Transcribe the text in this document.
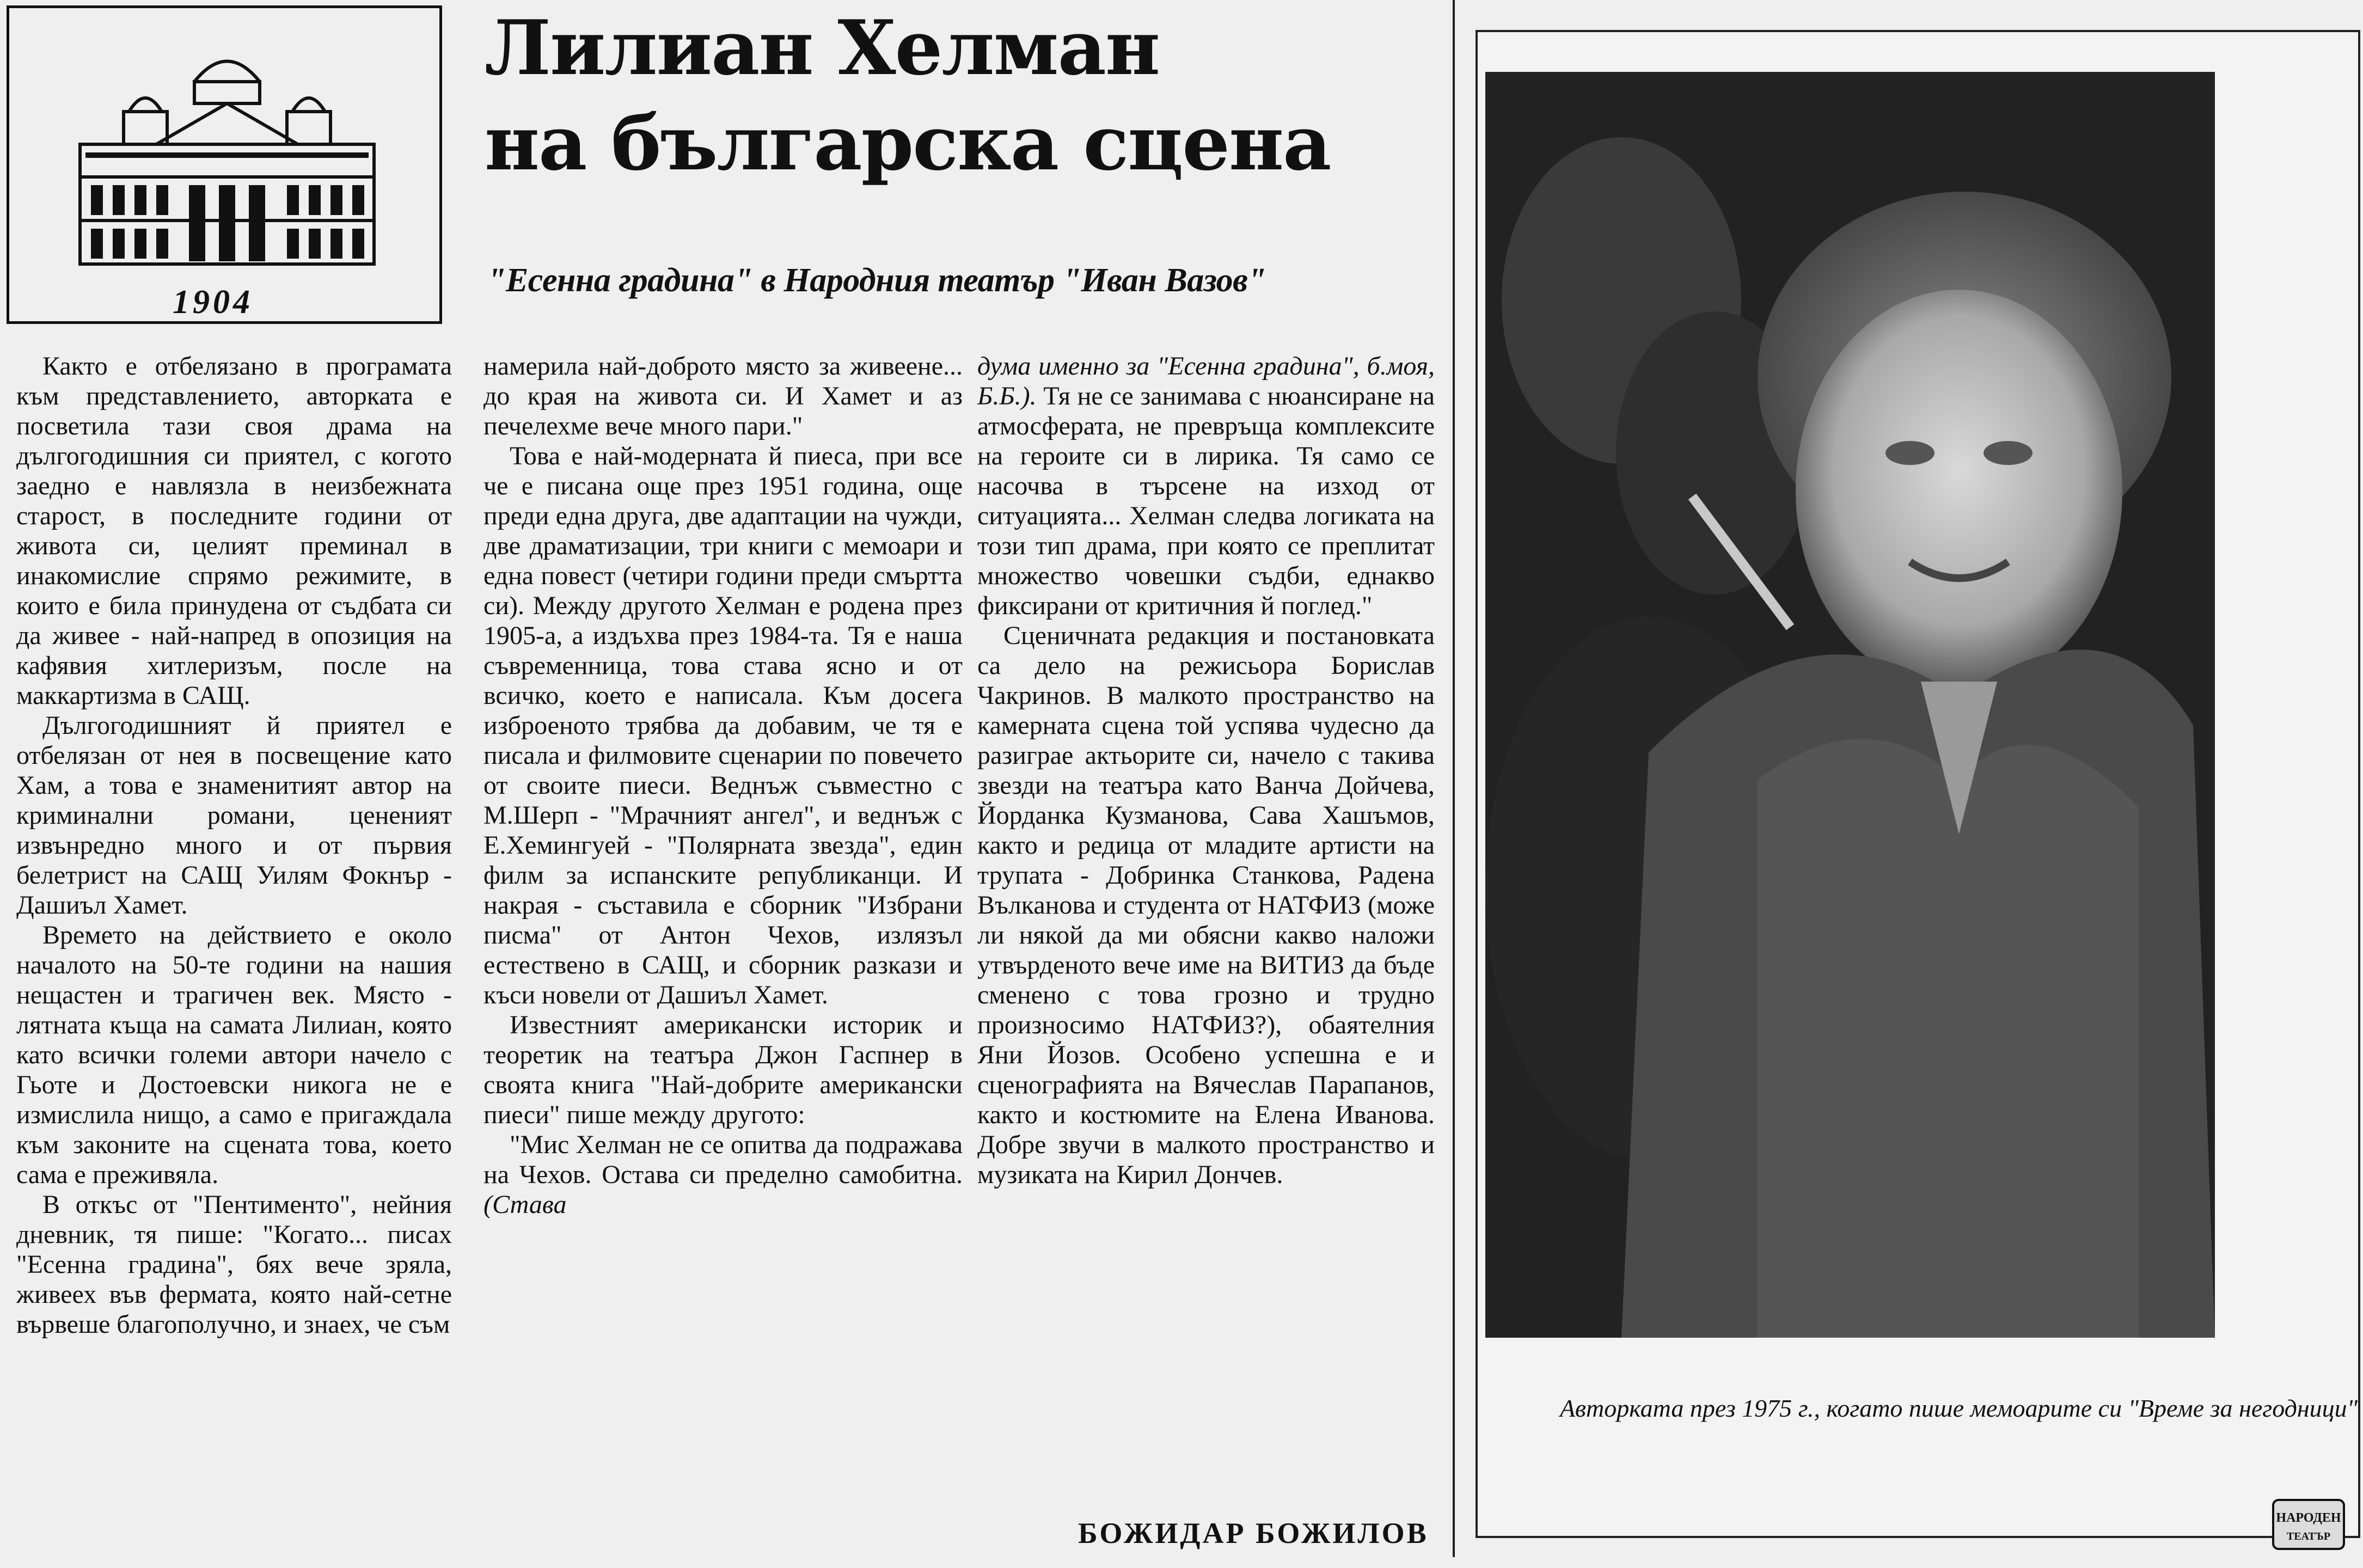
1904
Лилиан Хелман
на българска сцена
"Есенна градина" в Народния театър "Иван Вазов"

Както е отбелязано в програмата към представлението, авторката е посветила тази своя драма на дългогодишния си приятел, с когото заедно е навлязла в неизбежната старост, в последните години от живота си, целият преминал в инакомислие спрямо режимите, в които е била принудена от съдбата си да живее - най-напред в опозиция на кафявия хитлеризъм, после на маккартизма в САЩ.

Дългогодишният й приятел е отбелязан от нея в посвещение като Хам, а това е знаменитият автор на криминални романи, ценeният извънредно много и от първия белетрист на САЩ Уилям Фокнър - Дашиъл Хамет.

Времето на действието е около началото на 50-те години на нашия нещастен и трагичен век. Място - лятната къща на самата Лилиан, която като всички големи автори начело с Гьоте и Достоевски никога не е измислила нищо, а само е пригаждала към законите на сцената това, което сама е преживяла.

В откъс от "Пентименто", нейния дневник, тя пише: "Когато... писах "Есенна градина", бях вече зряла, живеех във фермата, която най-сетне вървеше благополучно, и знаех, че съм

намерила най-доброто място за живеене... до края на живота си. И Хамет и аз печелехме вече много пари."

Това е най-модерната й пиеса, при все че е писана още през 1951 година, още преди една друга, две адаптации на чужди, две драматизации, три книги с мемоари и една повест (четири години преди смъртта си). Между другото Хелман е родена през 1905-а, а издъхва през 1984-та. Тя е наша съвременница, това става ясно и от всичко, което е написала. Към досега изброеното трябва да добавим, че тя е писала и филмовите сценарии по повечето от своите пиеси. Веднъж съвместно с М.Шерп - "Мрачният ангел", и веднъж с Е.Хемингуей - "Полярната звезда", един филм за испанските републиканци. И накрая - съставила е сборник "Избрани писма" от Антон Чехов, излязъл естествено в САЩ, и сборник разкази и къси новели от Дашиъл Хамет.

Известният американски историк и теоретик на театъра Джон Гаспнер в своята книга "Най-добрите американски пиеси" пише между другото:

"Мис Хелман не се опитва да подражава на Чехов. Остава си пределно самобитна. (Става

дума именно за "Есенна градина", б.моя, Б.Б.). Тя не се занимава с нюансиране на атмосферата, не превръща комплексите на героите си в лирика. Тя само се насочва в търсене на изход от ситуацията... Хелман следва логиката на този тип драма, при която се преплитат множество човешки съдби, еднакво фиксирани от критичния й поглед."

Сценичната редакция и постановката са дело на режисьора Борислав Чакринов. В малкото пространство на камерната сцена той успява чудесно да разиграе актьорите си, начело с такива звезди на театъра като Ванча Дойчева, Йорданка Кузманова, Сава Хашъмов, както и редица от младите артисти на трупата - Добринка Станкова, Радена Вълканова и студента от НАТФИЗ (може ли някой да ми обясни какво наложи утвърденото вече име на ВИТИЗ да бъде сменено с това грозно и трудно произносимо НАТФИЗ?), обаятелния Яни Йозов. Особено успешна е и сценографията на Вячеслав Парапанов, както и костюмите на Елена Иванова. Добре звучи в малкото пространство и музиката на Кирил Дончев.

БОЖИДАР БОЖИЛОВ
Авторката през 1975 г., когато пише мемоарите си "Време за негодници"
НАРОДЕН
ТЕАТЪР
